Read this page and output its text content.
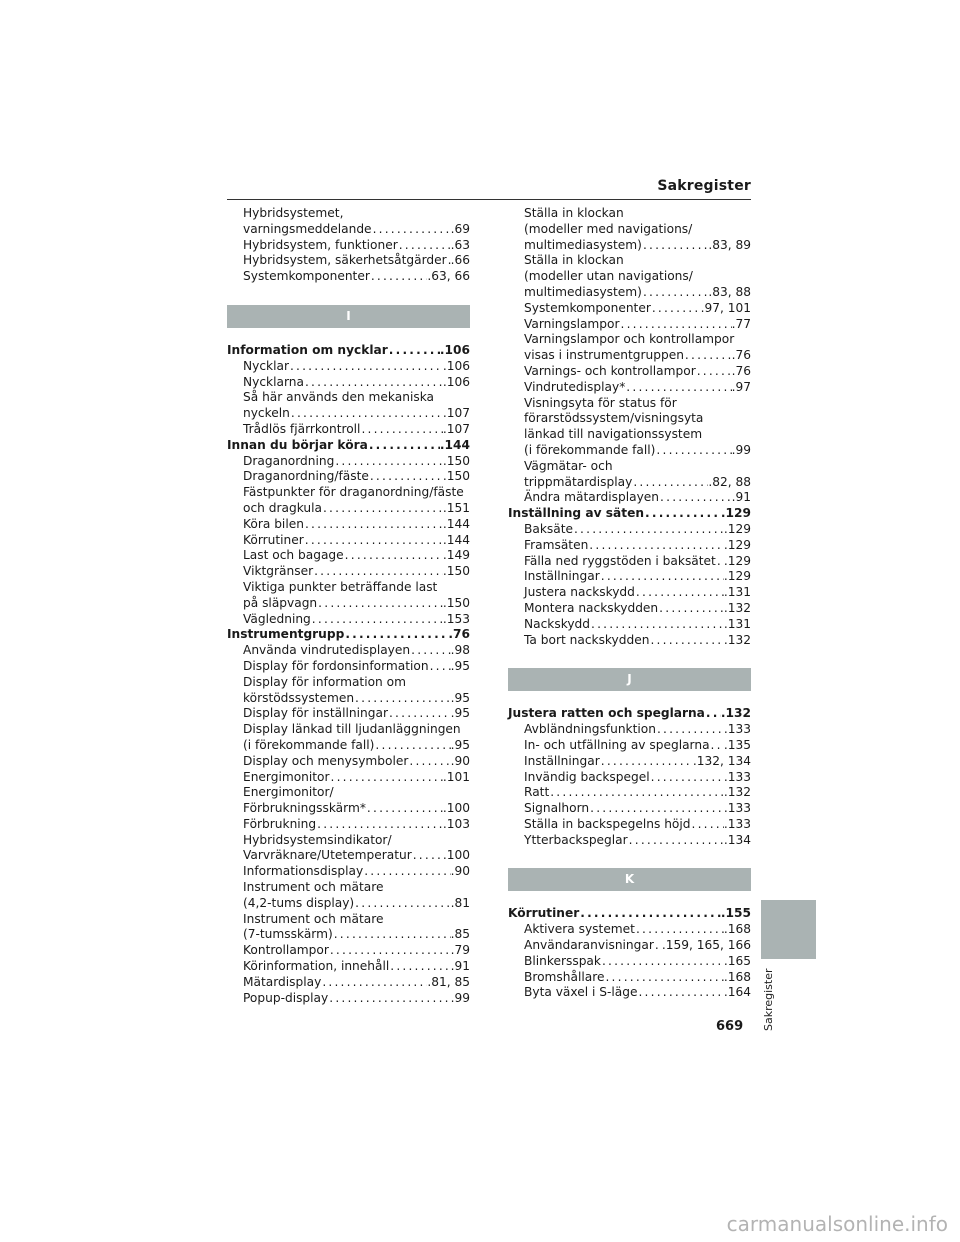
Sakregister
Hybridsystemet,
varningsmeddelande .....	.69
Hybridsystem, funktioner .....	.63
Hybridsystem, säkerhetsåtgärder ..... .66
Systemkomponenter .....	.63, 66
I
Information om nycklar .....	.106
Nycklar .....	.106
Nycklarna .....	.106
Så här används den mekaniska
nyckeln .....	.107
Trådlös fjärrkontroll .....	.107
Innan du börjar köra .....	.144
Draganordning .....	.150
Draganordning/fäste .....	.150
Fästpunkter för draganordning/fäste
och dragkula .....	.151
Köra bilen .....	.144
Körrutiner .....	.144
Last och bagage .....	.149
Viktgränser .....	.150
Viktiga punkter beträffande last
på släpvagn .....	.150
Vägledning .....	.153
Instrumentgrupp .....	.76
Använda vindrutedisplayen .....	.98
Display för fordonsinformation ..... .95
Display för information om
körstödssystemen .....	.95
Display för inställningar .....	.95
Display länkad till ljudanläggningen
(i förekommande fall) .....	.95
Display och menysymboler .....	.90
Energimonitor .....	.101
Energimonitor/
Förbrukningsskärm* .....	.100
Förbrukning .....	.103
Hybridsystemsindikator/
Varvräknare/Utetemperatur .....	.100
Informationsdisplay .....	.90
Instrument och mätare
(4,2-tums display) .....	.81
Instrument och mätare
(7-tumsskärm) .....	.85
Kontrollampor .....	.79
Körinformation, innehåll .....	.91
Mätardisplay .....	.81, 85
Popup-display .....	.99
Ställa in klockan
(modeller med navigations/
multimediasystem) .....	.83, 89
Ställa in klockan
(modeller utan navigations/
multimediasystem) .....	.83, 88
Systemkomponenter .....	.97, 101
Varningslampor .....	.77
Varningslampor och kontrollampor
visas i instrumentgruppen .....	.76
Varnings- och kontrollampor .....	.76
Vindrutedisplay* .....	.97
Visningsyta för status för
förarstödssystem/visningsyta
länkad till navigationssystem
(i förekommande fall) .....	.99
Vägmätar- och
trippmätardisplay .....	.82, 88
Ändra mätardisplayen .....	.91
Inställning av säten .....	.129
Baksäte .....	.129
Framsäten .....	.129
Fälla ned ryggstöden i baksätet ..... .129
Inställningar .....	.129
Justera nackskydd .....	.131
Montera nackskydden .....	.132
Nackskydd .....	.131
Ta bort nackskydden .....	.132
J
Justera ratten och speglarna ..... .132
Avbländningsfunktion .....	.133
In- och utfällning av speglarna ..... .135
Inställningar .....	.132, 134
Invändig backspegel .....	.133
Ratt .....	.132
Signalhorn .....	.133
Ställa in backspegelns höjd .....	.133
Ytterbackspeglar .....	.134
K
Körrutiner .....	.155
Aktivera systemet .....	.168
Användaranvisningar ..... .159, 165, 166
Blinkersspak .....	.165
Bromshållare .....	.168
Byta växel i S-läge .....	.164 Sakregister
669
carmanualsonline.info
